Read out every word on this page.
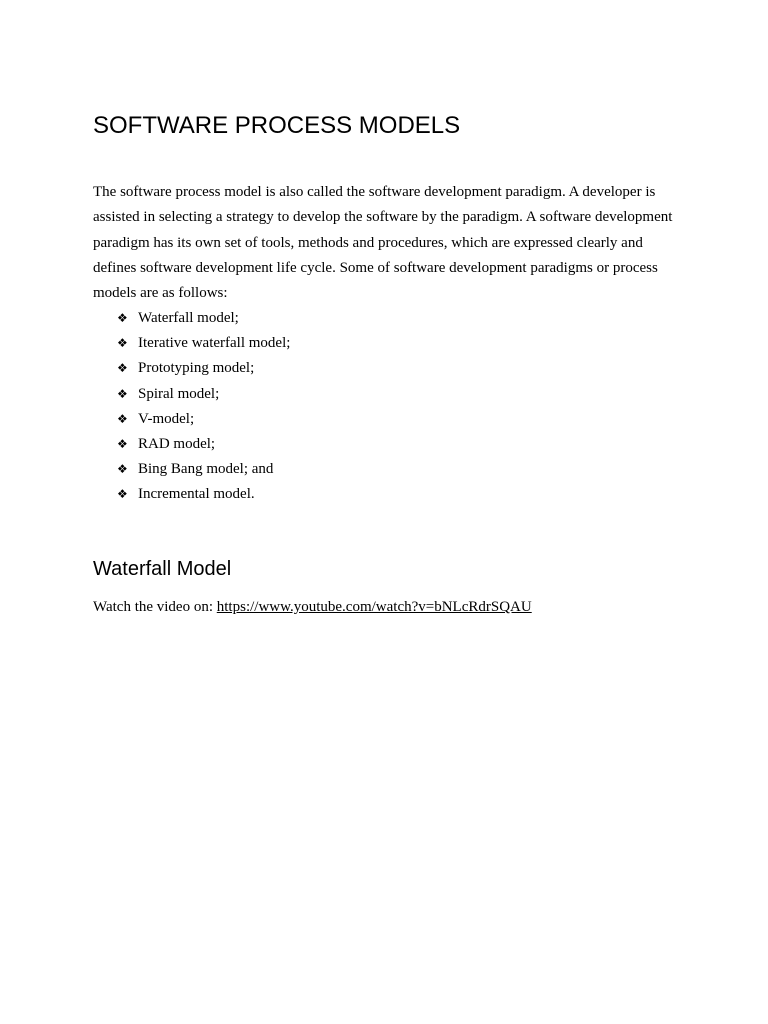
SOFTWARE PROCESS MODELS

The software process model is also called the software development paradigm. A developer is assisted in selecting a strategy to develop the software by the paradigm. A software development paradigm has its own set of tools, methods and procedures, which are expressed clearly and defines software development life cycle. Some of software development paradigms or process models are as follows:

❖ Waterfall model;
❖ Iterative waterfall model;
❖ Prototyping model;
❖ Spiral model;
❖ V-model;
❖ RAD model;
❖ Bing Bang model; and
❖ Incremental model.
Waterfall Model

Watch the video on: https://www.youtube.com/watch?v=bNLcRdrSQAU
